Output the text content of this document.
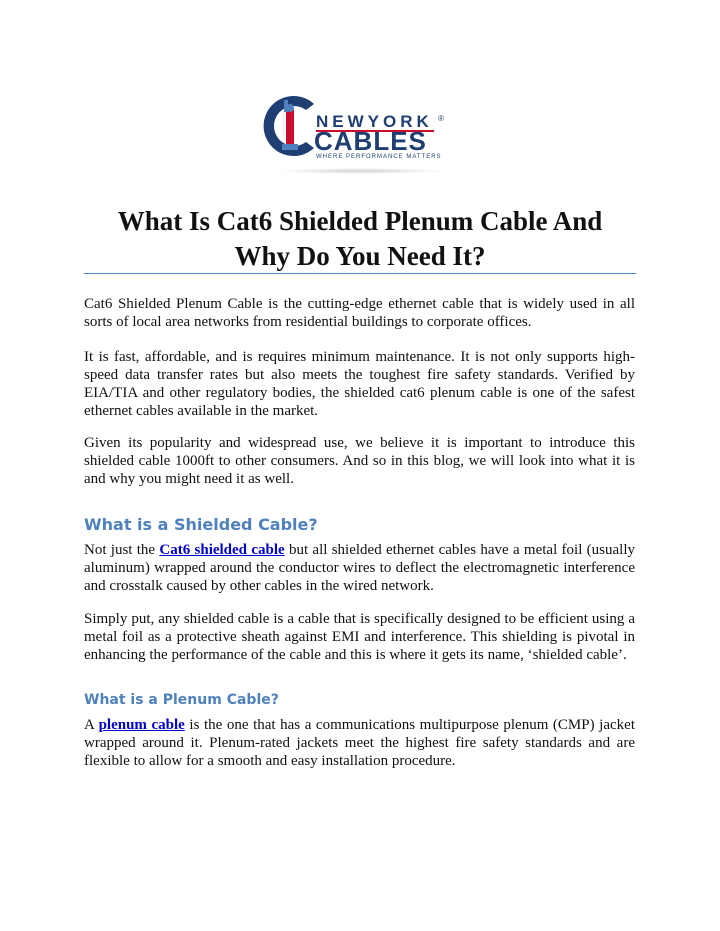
NEWYORK ®
CABLES
WHERE PERFORMANCE MATTERS
What Is Cat6 Shielded Plenum Cable And
Why Do You Need It?

Cat6 Shielded Plenum Cable is the cutting-edge ethernet cable that is widely used in all sorts of local area networks from residential buildings to corporate offices.

It is fast, affordable, and is requires minimum maintenance. It is not only supports high-speed data transfer rates but also meets the toughest fire safety standards. Verified by EIA/TIA and other regulatory bodies, the shielded cat6 plenum cable is one of the safest ethernet cables available in the market.

Given its popularity and widespread use, we believe it is important to introduce this shielded cable 1000ft to other consumers. And so in this blog, we will look into what it is and why you might need it as well.

What is a Shielded Cable?

Not just the Cat6 shielded cable but all shielded ethernet cables have a metal foil (usually aluminum) wrapped around the conductor wires to deflect the electromagnetic interference and crosstalk caused by other cables in the wired network.

Simply put, any shielded cable is a cable that is specifically designed to be efficient using a metal foil as a protective sheath against EMI and interference. This shielding is pivotal in enhancing the performance of the cable and this is where it gets its name, ‘shielded cable’.

What is a Plenum Cable?

A plenum cable is the one that has a communications multipurpose plenum (CMP) jacket wrapped around it. Plenum-rated jackets meet the highest fire safety standards and are flexible to allow for a smooth and easy installation procedure.
